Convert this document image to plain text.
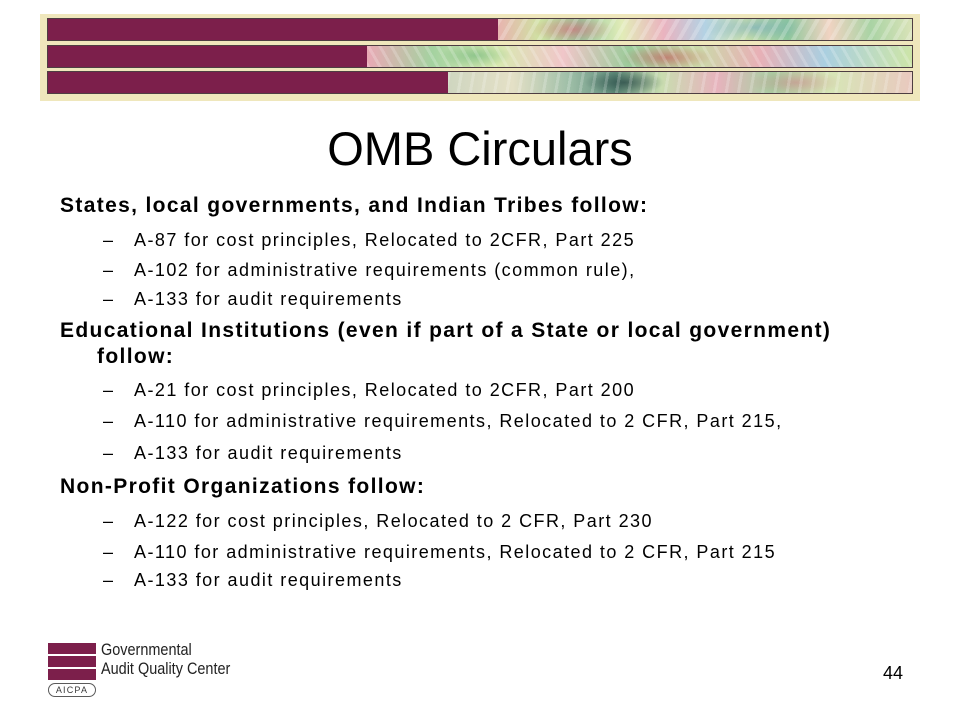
OMB Circulars
States, local governments, and Indian Tribes follow:
–	A-87 for cost principles, Relocated to 2CFR, Part 225
–	A-102 for administrative requirements (common rule),
–	A-133 for audit requirements
Educational Institutions (even if part of a State or local government) follow:
–	A-21 for cost principles, Relocated to 2CFR, Part 200
–	A-110 for administrative requirements, Relocated to 2 CFR, Part 215,
–	A-133 for audit requirements
Non-Profit Organizations follow:
–	A-122 for cost principles, Relocated to 2 CFR, Part 230
–	A-110 for administrative requirements, Relocated to 2 CFR, Part 215
–	A-133 for audit requirements
AICPA
Governmental
Audit Quality Center	44
